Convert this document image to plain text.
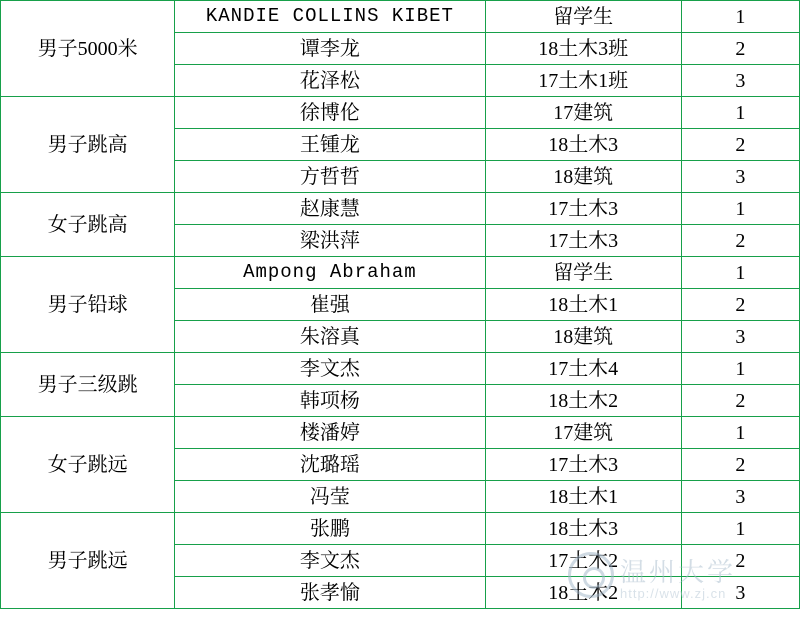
男子5000米	KANDIE COLLINS KIBET	留学生	1
	谭李龙	18土木3班	2
	花泽松	17土木1班	3
男子跳高	徐博伦	17建筑	1
	王锺龙	18土木3	2
	方哲哲	18建筑	3
女子跳高	赵康慧	17土木3	1
	梁洪萍	17土木3	2
男子铅球	Ampong Abraham	留学生	1
	崔强	18土木1	2
	朱溶真	18建筑	3
男子三级跳	李文杰	17土木4	1
	韩项杨	18土木2	2
女子跳远	楼潘婷	17建筑	1
	沈璐瑶	17土木3	2
	冯莹	18土木1	3
男子跳远	张鹏	18土木3	1
	李文杰	17土木2	2
	张孝愉	18土木2	3
温州大学
http://www.zj.cn
